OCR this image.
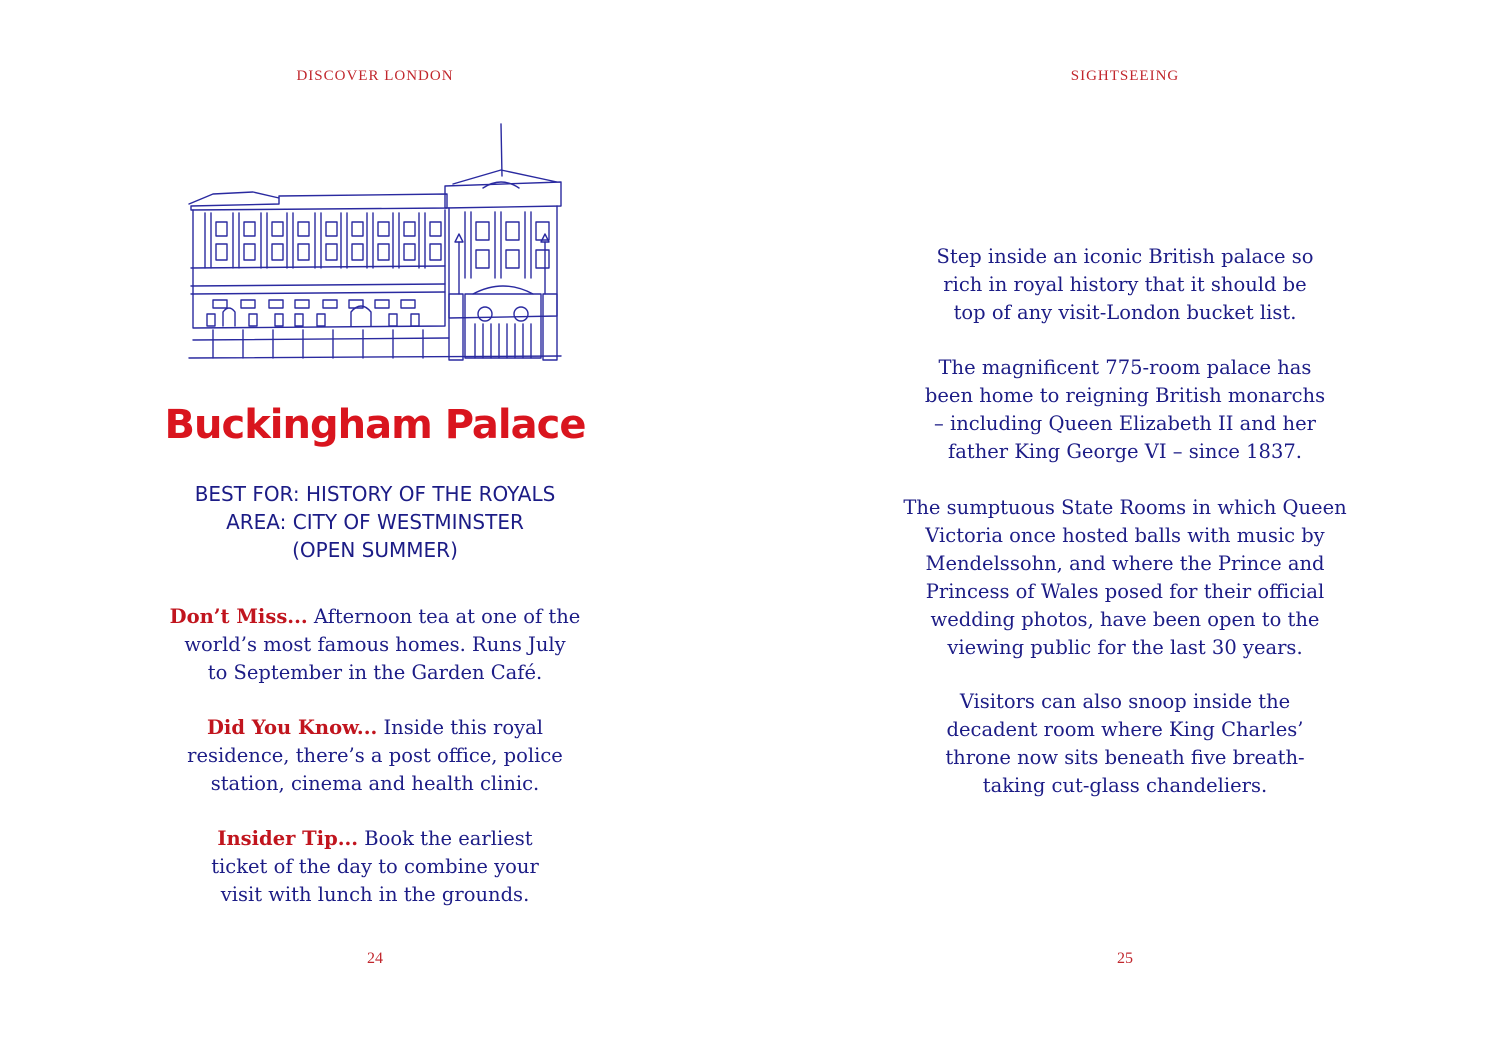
DISCOVER LONDON
Buckingham Palace
BEST FOR: HISTORY OF THE ROYALS
AREA: CITY OF WESTMINSTER
(OPEN SUMMER)
Don’t Miss... Afternoon tea at one of the
world’s most famous homes. Runs July
to September in the Garden Café.
Did You Know... Inside this royal
residence, there’s a post office, police
station, cinema and health clinic.
Insider Tip... Book the earliest
ticket of the day to combine your
visit with lunch in the grounds.
24
SIGHTSEEING
Step inside an iconic British palace so
rich in royal history that it should be
top of any visit-London bucket list.
The magnificent 775-room palace has
been home to reigning British monarchs
– including Queen Elizabeth II and her
father King George VI – since 1837.
The sumptuous State Rooms in which Queen
Victoria once hosted balls with music by
Mendelssohn, and where the Prince and
Princess of Wales posed for their official
wedding photos, have been open to the
viewing public for the last 30 years.
Visitors can also snoop inside the
decadent room where King Charles’
throne now sits beneath five breath-
taking cut-glass chandeliers.
25
